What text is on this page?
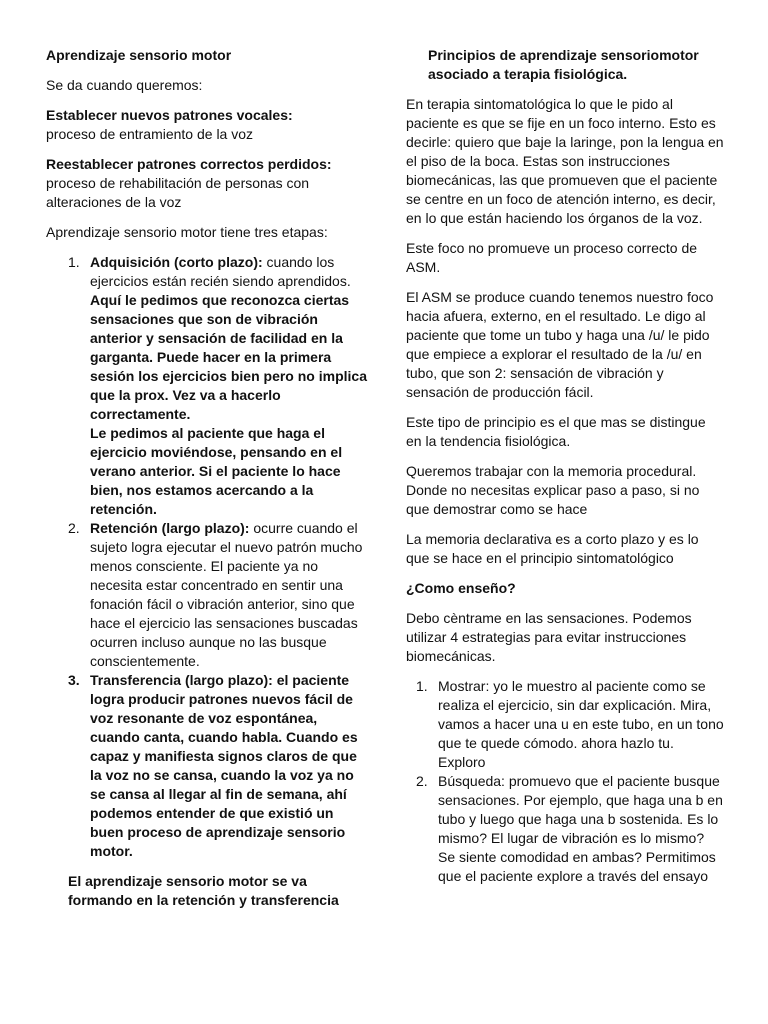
Aprendizaje sensorio motor

Se da cuando queremos:

Establecer nuevos patrones vocales:
proceso de entramiento de la voz

Reestablecer patrones correctos perdidos:
proceso de rehabilitación de personas con alteraciones de la voz

Aprendizaje sensorio motor tiene tres etapas:

1. Adquisición (corto plazo): cuando los ejercicios están recién siendo aprendidos.
Aquí le pedimos que reconozca ciertas sensaciones que son de vibración anterior y sensación de facilidad en la garganta. Puede hacer en la primera sesión los ejercicios bien pero no implica que la prox. Vez va a hacerlo correctamente.
Le pedimos al paciente que haga el ejercicio moviéndose, pensando en el verano anterior. Si el paciente lo hace bien, nos estamos acercando a la retención.
2. Retención (largo plazo): ocurre cuando el sujeto logra ejecutar el nuevo patrón mucho menos consciente. El paciente ya no necesita estar concentrado en sentir una fonación fácil o vibración anterior, sino que hace el ejercicio las sensaciones buscadas ocurren incluso aunque no las busque conscientemente.
3. Transferencia (largo plazo): el paciente logra producir patrones nuevos fácil de voz resonante de voz espontánea, cuando canta, cuando habla. Cuando es capaz y manifiesta signos claros de que la voz no se cansa, cuando la voz ya no se cansa al llegar al fin de semana, ahí podemos entender de que existió un buen proceso de aprendizaje sensorio motor.

El aprendizaje sensorio motor se va formando en la retención y transferencia

Principios de aprendizaje sensoriomotor
asociado a terapia fisiológica.

En terapia sintomatológica lo que le pido al paciente es que se fije en un foco interno. Esto es decirle: quiero que baje la laringe, pon la lengua en el piso de la boca. Estas son instrucciones biomecánicas, las que promueven que el paciente se centre en un foco de atención interno, es decir, en lo que están haciendo los órganos de la voz.

Este foco no promueve un proceso correcto de ASM.

El ASM se produce cuando tenemos nuestro foco hacia afuera, externo, en el resultado. Le digo al paciente que tome un tubo y haga una /u/ le pido que empiece a explorar el resultado de la /u/ en tubo, que son 2: sensación de vibración y sensación de producción fácil.

Este tipo de principio es el que mas se distingue en la tendencia fisiológica.

Queremos trabajar con la memoria procedural. Donde no necesitas explicar paso a paso, si no que demostrar como se hace

La memoria declarativa es a corto plazo y es lo que se hace en el principio sintomatológico

¿Como enseño?

Debo cèntrame en las sensaciones. Podemos utilizar 4 estrategias para evitar instrucciones biomecánicas.

1. Mostrar: yo le muestro al paciente como se realiza el ejercicio, sin dar explicación. Mira, vamos a hacer una u en este tubo, en un tono que te quede cómodo. ahora hazlo tu. Exploro
2. Búsqueda: promuevo que el paciente busque sensaciones. Por ejemplo, que haga una b en tubo y luego que haga una b sostenida. Es lo mismo? El lugar de vibración es lo mismo? Se siente comodidad en ambas? Permitimos que el paciente explore a través del ensayo
